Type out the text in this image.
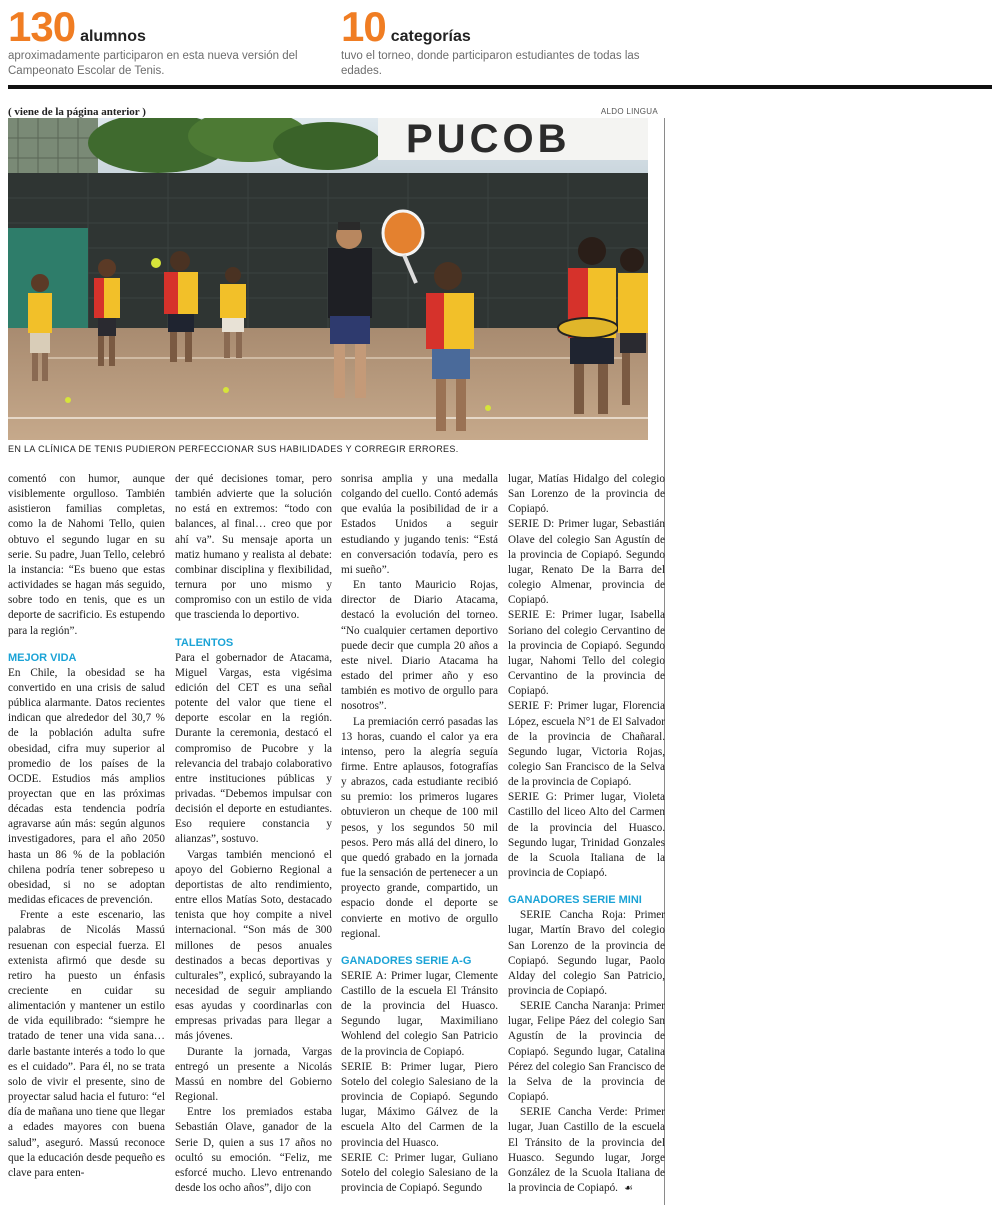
130 alumnos
aproximadamente participaron en esta nueva versión del Campeonato Escolar de Tenis.
10 categorías
tuvo el torneo, donde participaron estudiantes de todas las edades.
( viene de la página anterior )	ALDO LINGUA
PUCOB
EN LA CLÍNICA DE TENIS PUDIERON PERFECCIONAR SUS HABILIDADES Y CORREGIR ERRORES.

comentó con humor, aunque visiblemente orgulloso. También asistieron familias completas, como la de Nahomi Tello, quien obtuvo el segundo lugar en su serie. Su padre, Juan Tello, celebró la instancia: “Es bueno que estas actividades se hagan más seguido, sobre todo en tenis, que es un deporte de sacrificio. Es estupendo para la región”.

MEJOR VIDA

En Chile, la obesidad se ha convertido en una crisis de salud pública alarmante. Datos recientes indican que alrededor del 30,7 % de la población adulta sufre obesidad, cifra muy superior al promedio de los países de la OCDE. Estudios más amplios proyectan que en las próximas décadas esta tendencia podría agravarse aún más: según algunos investigadores, para el año 2050 hasta un 86 % de la población chilena podría tener sobrepeso u obesidad, si no se adoptan medidas eficaces de prevención.

Frente a este escenario, las palabras de Nicolás Massú resuenan con especial fuerza. El extenista afirmó que desde su retiro ha puesto un énfasis creciente en cuidar su alimentación y mantener un estilo de vida equilibrado: “siempre he tratado de tener una vida sana… darle bastante interés a todo lo que es el cuidado”. Para él, no se trata solo de vivir el presente, sino de proyectar salud hacia el futuro: “el día de mañana uno tiene que llegar a edades mayores con buena salud”, aseguró. Massú reconoce que la educación desde pequeño es clave para enten-

der qué decisiones tomar, pero también advierte que la solución no está en extremos: “todo con balances, al final… creo que por ahí va”. Su mensaje aporta un matiz humano y realista al debate: combinar disciplina y flexibilidad, ternura por uno mismo y compromiso con un estilo de vida que trascienda lo deportivo.

TALENTOS

Para el gobernador de Atacama, Miguel Vargas, esta vigésima edición del CET es una señal potente del valor que tiene el deporte escolar en la región. Durante la ceremonia, destacó el compromiso de Pucobre y la relevancia del trabajo colaborativo entre instituciones públicas y privadas. “Debemos impulsar con decisión el deporte en estudiantes. Eso requiere constancia y alianzas”, sostuvo.

Vargas también mencionó el apoyo del Gobierno Regional a deportistas de alto rendimiento, entre ellos Matías Soto, destacado tenista que hoy compite a nivel internacional. “Son más de 300 millones de pesos anuales destinados a becas deportivas y culturales”, explicó, subrayando la necesidad de seguir ampliando esas ayudas y coordinarlas con empresas privadas para llegar a más jóvenes.

Durante la jornada, Vargas entregó un presente a Nicolás Massú en nombre del Gobierno Regional.

Entre los premiados estaba Sebastián Olave, ganador de la Serie D, quien a sus 17 años no ocultó su emoción. “Feliz, me esforcé mucho. Llevo entrenando desde los ocho años”, dijo con

sonrisa amplia y una medalla colgando del cuello. Contó además que evalúa la posibilidad de ir a Estados Unidos a seguir estudiando y jugando tenis: “Está en conversación todavía, pero es mi sueño”.

En tanto Mauricio Rojas, director de Diario Atacama, destacó la evolución del torneo. “No cualquier certamen deportivo puede decir que cumpla 20 años a este nivel. Diario Atacama ha estado del primer año y eso también es motivo de orgullo para nosotros”.

La premiación cerró pasadas las 13 horas, cuando el calor ya era intenso, pero la alegría seguía firme. Entre aplausos, fotografías y abrazos, cada estudiante recibió su premio: los primeros lugares obtuvieron un cheque de 100 mil pesos, y los segundos 50 mil pesos. Pero más allá del dinero, lo que quedó grabado en la jornada fue la sensación de pertenecer a un proyecto grande, compartido, un espacio donde el deporte se convierte en motivo de orgullo regional.

GANADORES SERIE A-G

SERIE A: Primer lugar, Clemente Castillo de la escuela El Tránsito de la provincia del Huasco. Segundo lugar, Maximiliano Wohlend del colegio San Patricio de la provincia de Copiapó.

SERIE B: Primer lugar, Piero Sotelo del colegio Salesiano de la provincia de Copiapó. Segundo lugar, Máximo Gálvez de la escuela Alto del Carmen de la provincia del Huasco.

SERIE C: Primer lugar, Guliano Sotelo del colegio Salesiano de la provincia de Copiapó. Segundo

lugar, Matías Hidalgo del colegio San Lorenzo de la provincia de Copiapó.

SERIE D: Primer lugar, Sebastián Olave del colegio San Agustín de la provincia de Copiapó. Segundo lugar, Renato De la Barra del colegio Almenar, provincia de Copiapó.

SERIE E: Primer lugar, Isabella Soriano del colegio Cervantino de la provincia de Copiapó. Segundo lugar, Nahomi Tello del colegio Cervantino de la provincia de Copiapó.

SERIE F: Primer lugar, Florencia López, escuela N°1 de El Salvador de la provincia de Chañaral. Segundo lugar, Victoria Rojas, colegio San Francisco de la Selva de la provincia de Copiapó.

SERIE G: Primer lugar, Violeta Castillo del liceo Alto del Carmen de la provincia del Huasco. Segundo lugar, Trinidad Gonzales de la Scuola Italiana de la provincia de Copiapó.

GANADORES SERIE MINI

SERIE Cancha Roja: Primer lugar, Martín Bravo del colegio San Lorenzo de la provincia de Copiapó. Segundo lugar, Paolo Alday del colegio San Patricio, provincia de Copiapó.

SERIE Cancha Naranja: Primer lugar, Felipe Páez del colegio San Agustín de la provincia de Copiapó. Segundo lugar, Catalina Pérez del colegio San Francisco de la Selva de la provincia de Copiapó.

SERIE Cancha Verde: Primer lugar, Juan Castillo de la escuela El Tránsito de la provincia del Huasco. Segundo lugar, Jorge González de la Scuola Italiana de la provincia de Copiapó. ☙
